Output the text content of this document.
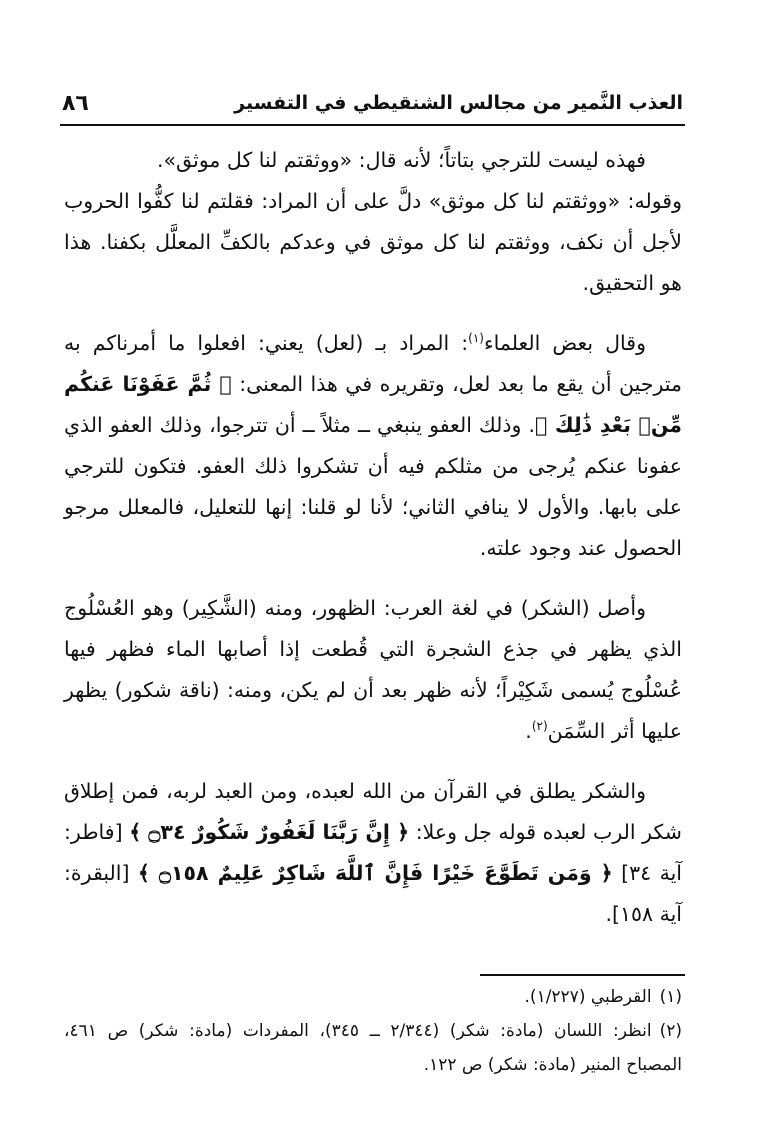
العذب النَّمير من مجالس الشنقيطي في التفسير
٨٦

فهذه ليست للترجي بتاتاً؛ لأنه قال: «ووثقتم لنا كل موثق».

وقوله: «ووثقتم لنا كل موثق» دلَّ على أن المراد: فقلتم لنا كفُّوا الحروب لأجل أن نكف، ووثقتم لنا كل موثق في وعدكم بالكفِّ المعلَّل بكفنا. هذا هو التحقيق.

وقال بعض العلماء$^{(١)}$: المراد بـ (لعل) يعني: افعلوا ما أمرناكم به مترجين أن يقع ما بعد لعل، وتقريره في هذا المعنى: ﴿ ثُمَّ عَفَوْنَا عَنكُم مِّنۢ بَعْدِ ذَٰلِكَ ﴾. وذلك العفو ينبغي ــ مثلاً ــ أن تترجوا، وذلك العفو الذي عفونا عنكم يُرجى من مثلكم فيه أن تشكروا ذلك العفو. فتكون للترجي على بابها. والأول لا ينافي الثاني؛ لأنا لو قلنا: إنها للتعليل، فالمعلل مرجو الحصول عند وجود علته.

وأصل (الشكر) في لغة العرب: الظهور، ومنه (الشَّكِير) وهو العُسْلُوج الذي يظهر في جذع الشجرة التي قُطعت إذا أصابها الماء فظهر فيها عُسْلُوج يُسمى شَكِيْراً؛ لأنه ظهر بعد أن لم يكن، ومنه: (ناقة شكور) يظهر عليها أثر السِّمَن$^{(٢)}$.

والشكر يطلق في القرآن من الله لعبده، ومن العبد لربه، فمن إطلاق شكر الرب لعبده قوله جل وعلا: ﴿ إِنَّ رَبَّنَا لَغَفُورٌ شَكُورٌ ۝٣٤ ﴾ [فاطر: آية ٣٤] ﴿ وَمَن تَطَوَّعَ خَيْرًا فَإِنَّ ٱللَّهَ شَاكِرٌ عَلِيمٌ ۝١٥٨ ﴾ [البقرة: آية ١٥٨].

(١)القرطبي (١/٢٢٧).

(٢)انظر: اللسان (مادة: شكر) (٢/٣٤٤ ــ ٣٤٥)، المفردات (مادة: شكر) ص ٤٦١، المصباح المنير (مادة: شكر) ص ١٢٢.
